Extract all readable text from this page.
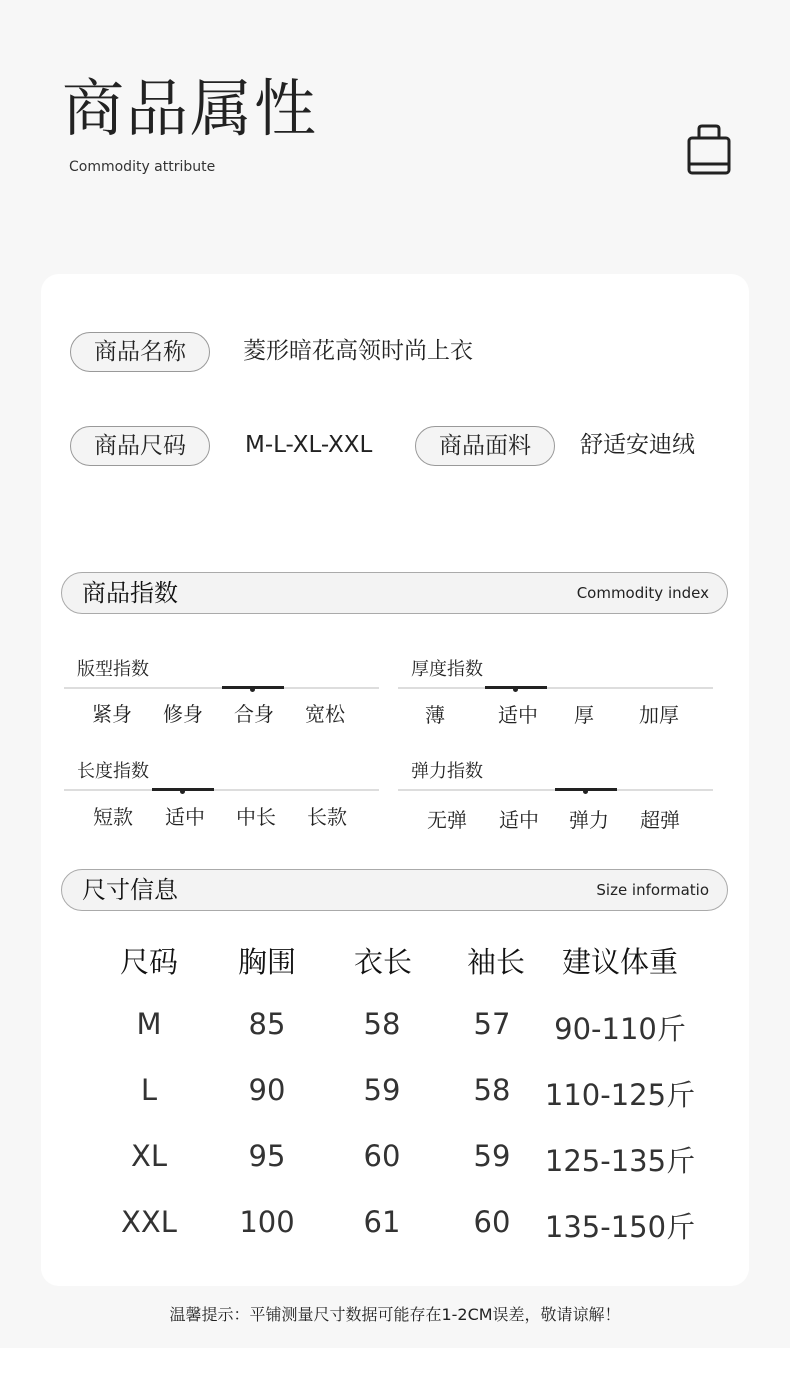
商品属性
Commodity attribute
商品名称	菱形暗花高领时尚上衣
商品尺码	M-L-XL-XXL	商品面料	舒适安迪绒
商品指数	Commodity index
版型指数
紧身	修身	合身	宽松
厚度指数
薄	适中	厚	加厚
长度指数
短款	适中	中长	长款
弹力指数
无弹	适中	弹力	超弹
尺寸信息	Size informatio
尺码	胸围	衣长	袖长	建议体重
M	85	58	57	90-110斤
L	90	59	58	110-125斤
XL	95	60	59	125-135斤
XXL	100	61	60	135-150斤
温馨提示：平铺测量尺寸数据可能存在1-2CM误差，敬请谅解！
